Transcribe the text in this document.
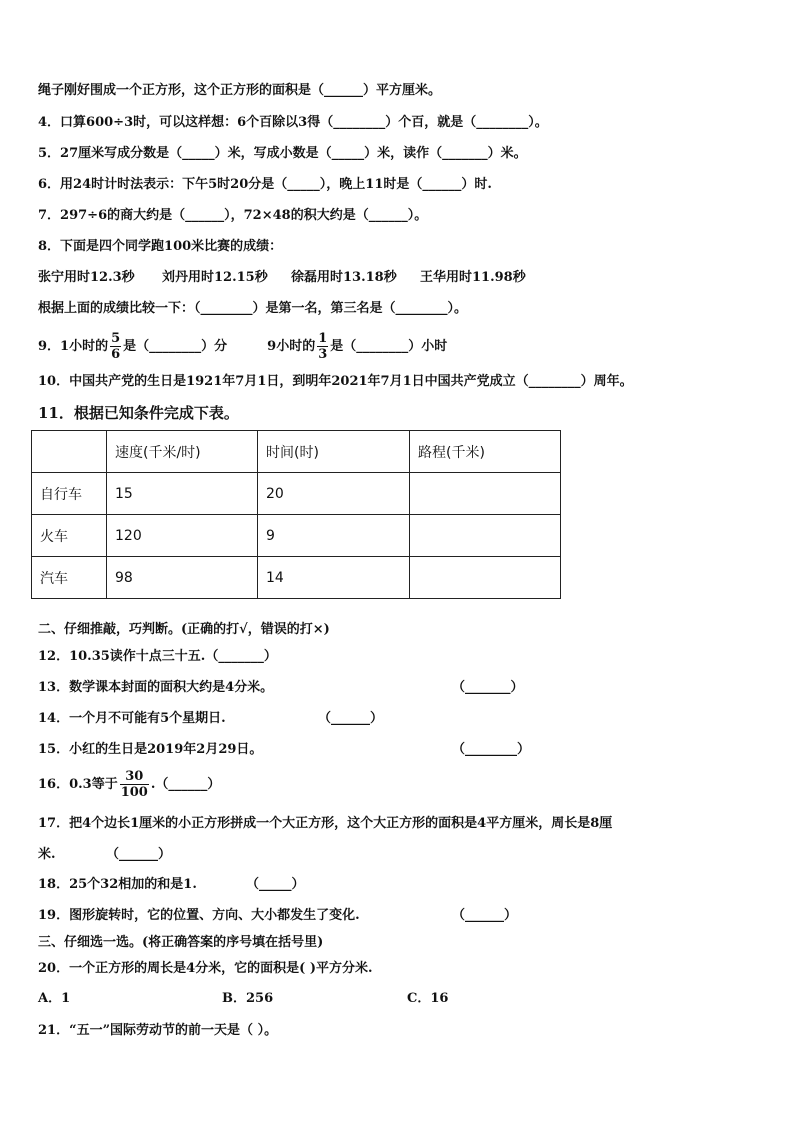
绳子刚好围成一个正方形，这个正方形的面积是（______）平方厘米。
4．口算600÷3时，可以这样想：6个百除以3得（________）个百，就是（________）。
5．27厘米写成分数是（_____）米，写成小数是（_____）米，读作（_______）米。
6．用24时计时法表示：下午5时20分是（_____），晚上11时是（______）时.
7．297÷6的商大约是（______），72×48的积大约是（______）。
8．下面是四个同学跑100米比赛的成绩：
张宁用时12.3秒 刘丹用时12.15秒 徐磊用时13.18秒 王华用时11.98秒
根据上面的成绩比较一下：（________）是第一名，第三名是（________）。
9．1小时的 $\frac{5}{6}$ 是（________）分	9小时的 $\frac{1}{3}$ 是（________）小时
10．中国共产党的生日是1921年7月1日，到明年2021年7月1日中国共产党成立（________）周年。
11．根据已知条件完成下表。
	速度(千米/时)	时间(时)	路程(千米)
自行车	15	20	
火车	120	9	
汽车	98	14	
二、仔细推敲，巧判断。(正确的打√，错误的打×)
12．10.35读作十点三十五.（_______）
13．数学课本封面的面积大约是4分米。	（_______）
14．一个月不可能有5个星期日.	（______）
15．小红的生日是2019年2月29日。	（________）
16．0.3等于 $\frac{30}{100}$ .（______）
17．把4个边长1厘米的小正方形拼成一个大正方形，这个大正方形的面积是4平方厘米，周长是8厘
米.	（______）
18．25个32相加的和是1.	（_____）
19．图形旋转时，它的位置、方向、大小都发生了变化.	（______）
三、仔细选一选。(将正确答案的序号填在括号里)
20．一个正方形的周长是4分米，它的面积是( )平方分米.
A．1	B．256	C．16
21．“五一”国际劳动节的前一天是（ ）。
